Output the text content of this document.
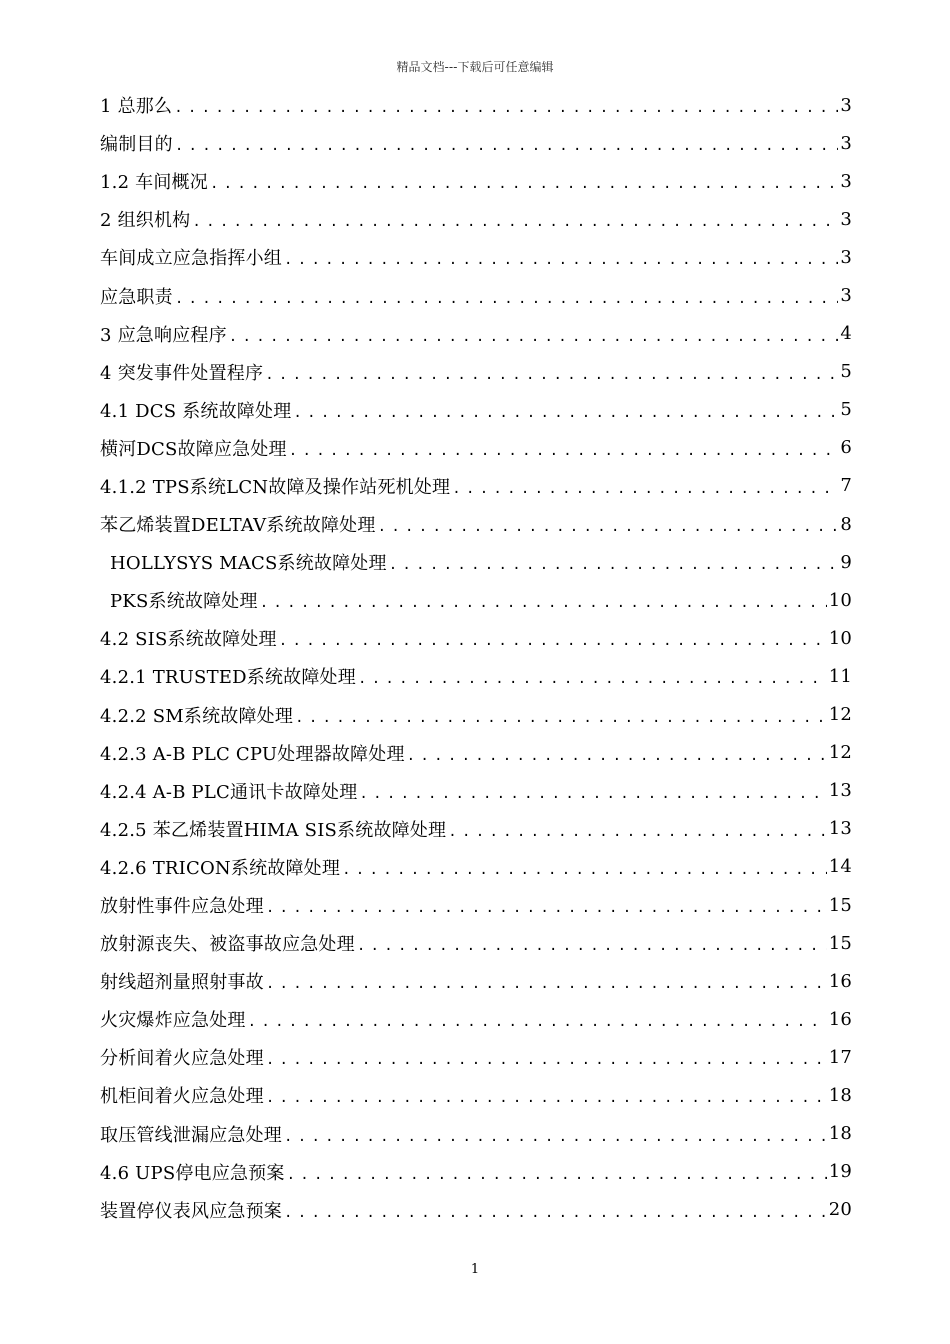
精品文档---下载后可任意编辑
1 总那么 .....	3
编制目的 .....	3
1.2 车间概况 .....	3
2 组织机构 .....	3
车间成立应急指挥小组 .....	3
应急职责 .....	3
3 应急响应程序 .....	4
4 突发事件处置程序 .....	5
4.1 DCS 系统故障处理 .....	5
横河DCS故障应急处理 .....	6
4.1.2 TPS系统LCN故障及操作站死机处理 .....	7
苯乙烯装置DELTAV系统故障处理 .....	8
HOLLYSYS MACS系统故障处理 .....	9
PKS系统故障处理 .....	10
4.2 SIS系统故障处理 .....	10
4.2.1 TRUSTED系统故障处理 .....	11
4.2.2 SM系统故障处理 .....	12
4.2.3 A-B PLC CPU处理器故障处理 .....	12
4.2.4 A-B PLC通讯卡故障处理 .....	13
4.2.5 苯乙烯装置HIMA SIS系统故障处理 .....	13
4.2.6 TRICON系统故障处理 .....	14
放射性事件应急处理 .....	15
放射源丧失、被盗事故应急处理 .....	15
射线超剂量照射事故 .....	16
火灾爆炸应急处理 .....	16
分析间着火应急处理 .....	17
机柜间着火应急处理 .....	18
取压管线泄漏应急处理 .....	18
4.6 UPS停电应急预案 .....	19
装置停仪表风应急预案 .....	20
1
